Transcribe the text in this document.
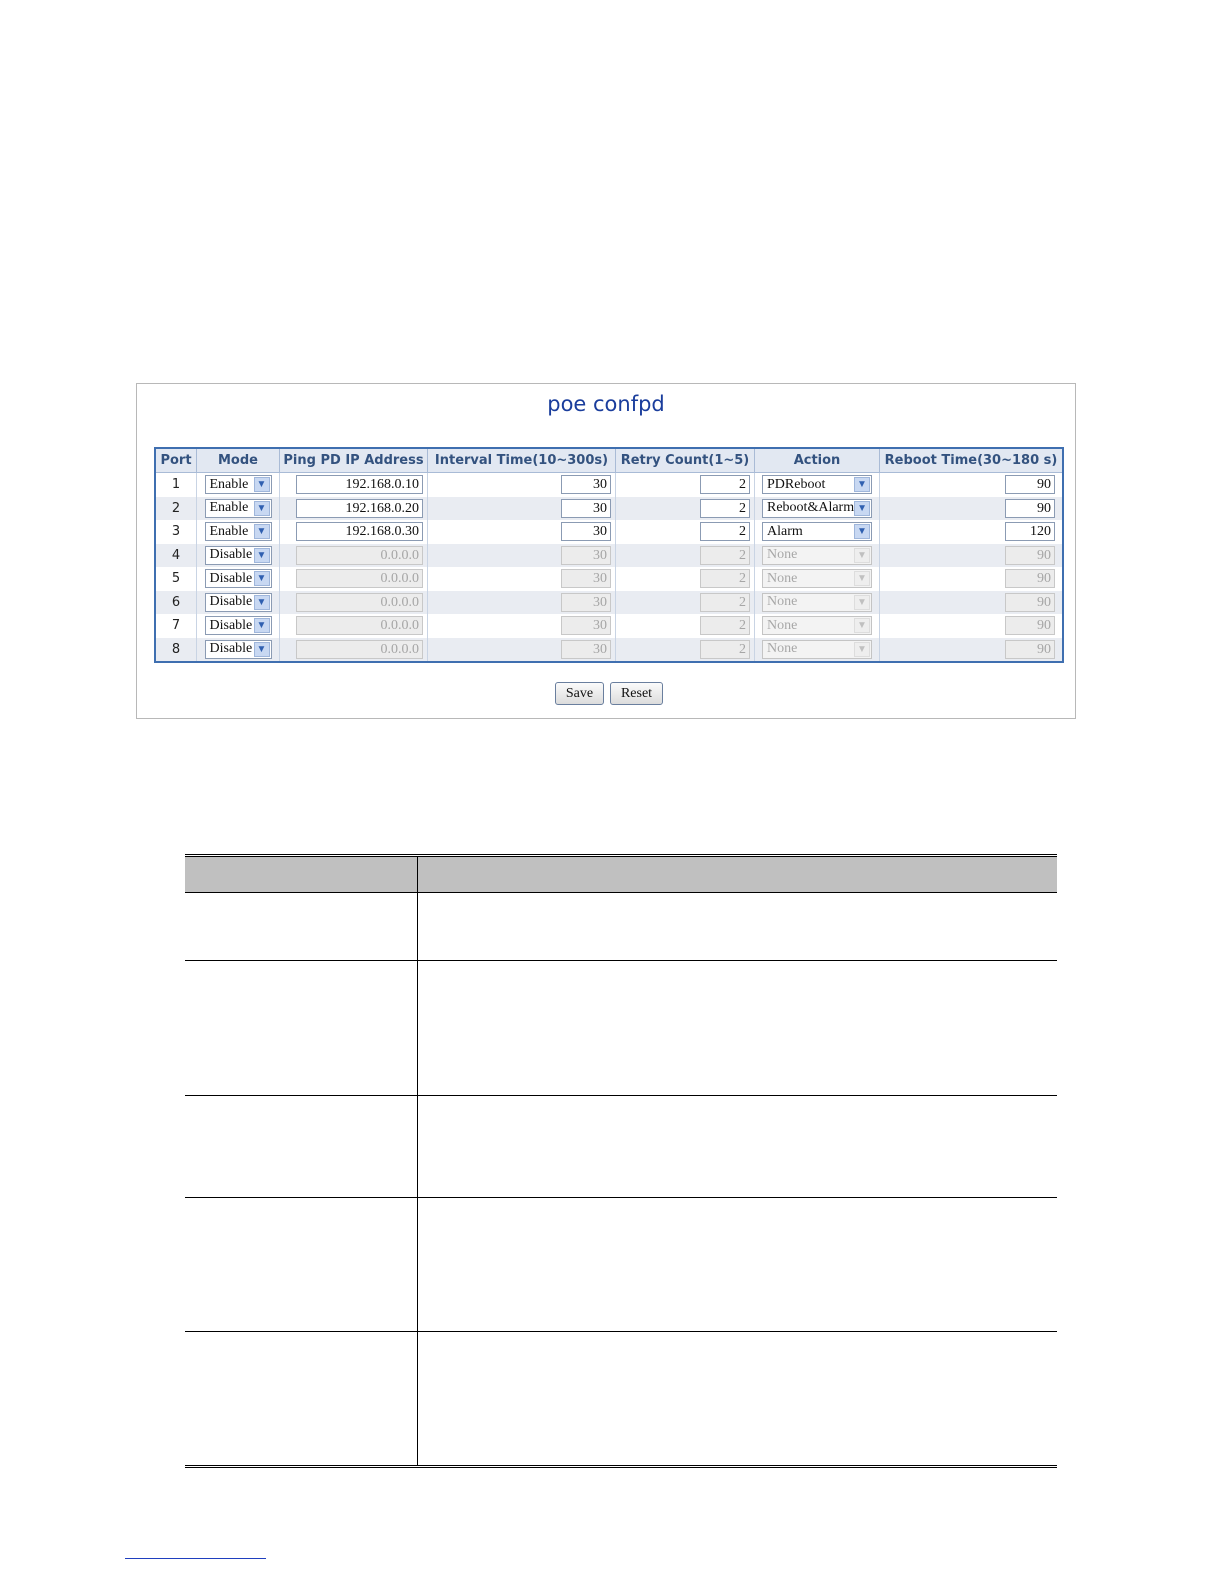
poe confpd
Port	Mode	Ping PD IP Address	Interval Time(10~300s)	Retry Count(1~5)	Action	Reboot Time(30~180 s)
1	Enable ▼	192.168.0.10	30	2	PDReboot ▼	90
2	Enable ▼	192.168.0.20	30	2	Reboot&Alarm ▼	90
3	Enable ▼	192.168.0.30	30	2	Alarm ▼	120
4	Disable ▼	0.0.0.0	30	2	None ▼	90
5	Disable ▼	0.0.0.0	30	2	None ▼	90
6	Disable ▼	0.0.0.0	30	2	None ▼	90
7	Disable ▼	0.0.0.0	30	2	None ▼	90
8	Disable ▼	0.0.0.0	30	2	None ▼	90
Save	Reset
